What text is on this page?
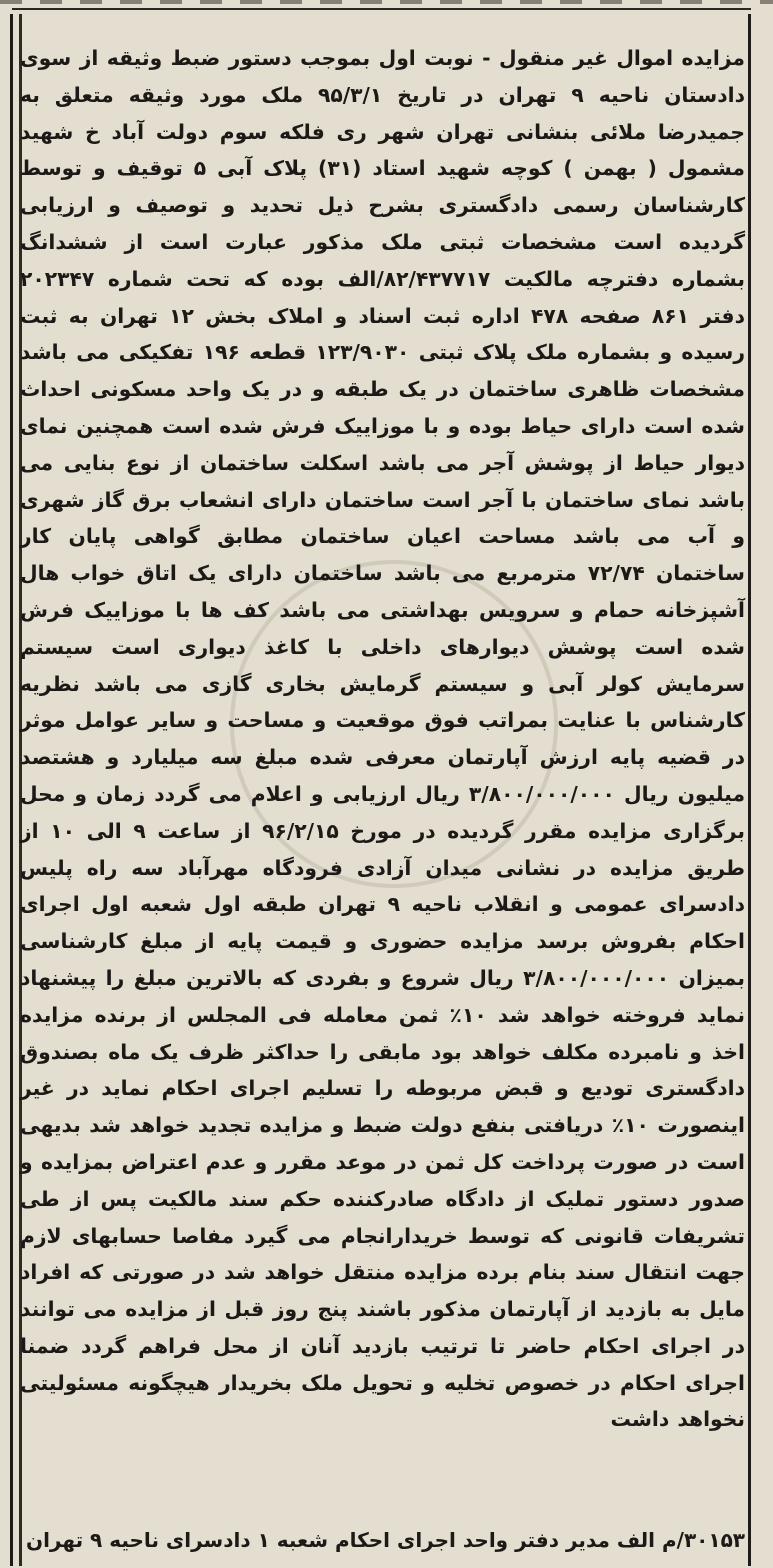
مزایده اموال غیر منقول - نوبت اول بموجب دستور ضبط وثیقه از سوی دادستان ناحیه ۹ تهران در تاریخ ۹۵/۳/۱ ملک مورد وثیقه متعلق به جمیدرضا ملائی بنشانی تهران شهر ری فلکه سوم دولت آباد خ شهید مشمول ( بهمن ) کوچه شهید استاد (۳۱) پلاک آبی ۵ توقیف و توسط کارشناسان رسمی دادگستری بشرح ذیل تحدید و توصیف و ارزیابی گردیده است مشخصات ثبتی ملک مذکور عبارت است از ششدانگ بشماره دفترچه مالکیت ۸۲/۴۳۷۷۱۷/الف بوده که تحت شماره ۲۰۲۳۴۷ دفتر ۸۶۱ صفحه ۴۷۸ اداره ثبت اسناد و املاک بخش ۱۲ تهران به ثبت رسیده و بشماره ملک پلاک ثبتی ۱۲۳/۹۰۳۰ قطعه ۱۹۶ تفکیکی می باشد مشخصات ظاهری ساختمان در یک طبقه و در یک واحد مسکونی احداث شده است دارای حیاط بوده و با موزاییک فرش شده است همچنین نمای دیوار حیاط از پوشش آجر می باشد اسکلت ساختمان از نوع بنایی می باشد نمای ساختمان با آجر است ساختمان دارای انشعاب برق گاز شهری و آب می باشد مساحت اعیان ساختمان مطابق گواهی پایان کار ساختمان ۷۲/۷۴ مترمربع می باشد ساختمان دارای یک اتاق خواب هال آشپزخانه حمام و سرویس بهداشتی می باشد کف ها با موزاییک فرش شده است پوشش دیوارهای داخلی با کاغذ دیواری است سیستم سرمایش کولر آبی و سیستم گرمایش بخاری گازی می باشد نظریه کارشناس با عنایت بمراتب فوق موقعیت و مساحت و سایر عوامل موثر در قضیه پایه ارزش آپارتمان معرفی شده مبلغ سه میلیارد و هشتصد میلیون ریال ۳/۸۰۰/۰۰۰/۰۰۰ ریال ارزیابی و اعلام می گردد زمان و محل برگزاری مزایده مقرر گردیده در مورخ ۹۶/۲/۱۵ از ساعت ۹ الی ۱۰ از طریق مزایده در نشانی میدان آزادی فرودگاه مهرآباد سه راه پلیس دادسرای عمومی و انقلاب ناحیه ۹ تهران طبقه اول شعبه اول اجرای احکام بفروش برسد مزایده حضوری و قیمت پایه از مبلغ کارشناسی بمیزان ۳/۸۰۰/۰۰۰/۰۰۰ ریال شروع و بفردی که بالاترین مبلغ را پیشنهاد نماید فروخته خواهد شد ۱۰٪ ثمن معامله فی المجلس از برنده مزایده اخذ و نامبرده مکلف خواهد بود مابقی را حداکثر ظرف یک ماه بصندوق دادگستری تودیع و قبض مربوطه را تسلیم اجرای احکام نماید در غیر اینصورت ۱۰٪ دریافتی بنفع دولت ضبط و مزایده تجدید خواهد شد بدیهی است در صورت پرداخت کل ثمن در موعد مقرر و عدم اعتراض بمزایده و صدور دستور تملیک از دادگاه صادرکننده حکم سند مالکیت پس از طی تشریفات قانونی که توسط خریدارانجام می گیرد مفاصا حسابهای لازم جهت انتقال سند بنام برده مزایده منتقل خواهد شد در صورتی که افراد مایل به بازدید از آپارتمان مذکور باشند پنج روز قبل از مزایده می توانند در اجرای احکام حاضر تا ترتیب بازدید آنان از محل فراهم گردد ضمنا اجرای احکام در خصوص تخلیه و تحویل ملک بخریدار هیچگونه مسئولیتی نخواهد داشت

۳۰۱۵۳/م الف مدیر دفتر واحد اجرای احکام شعبه ۱ دادسرای ناحیه ۹ تهران
